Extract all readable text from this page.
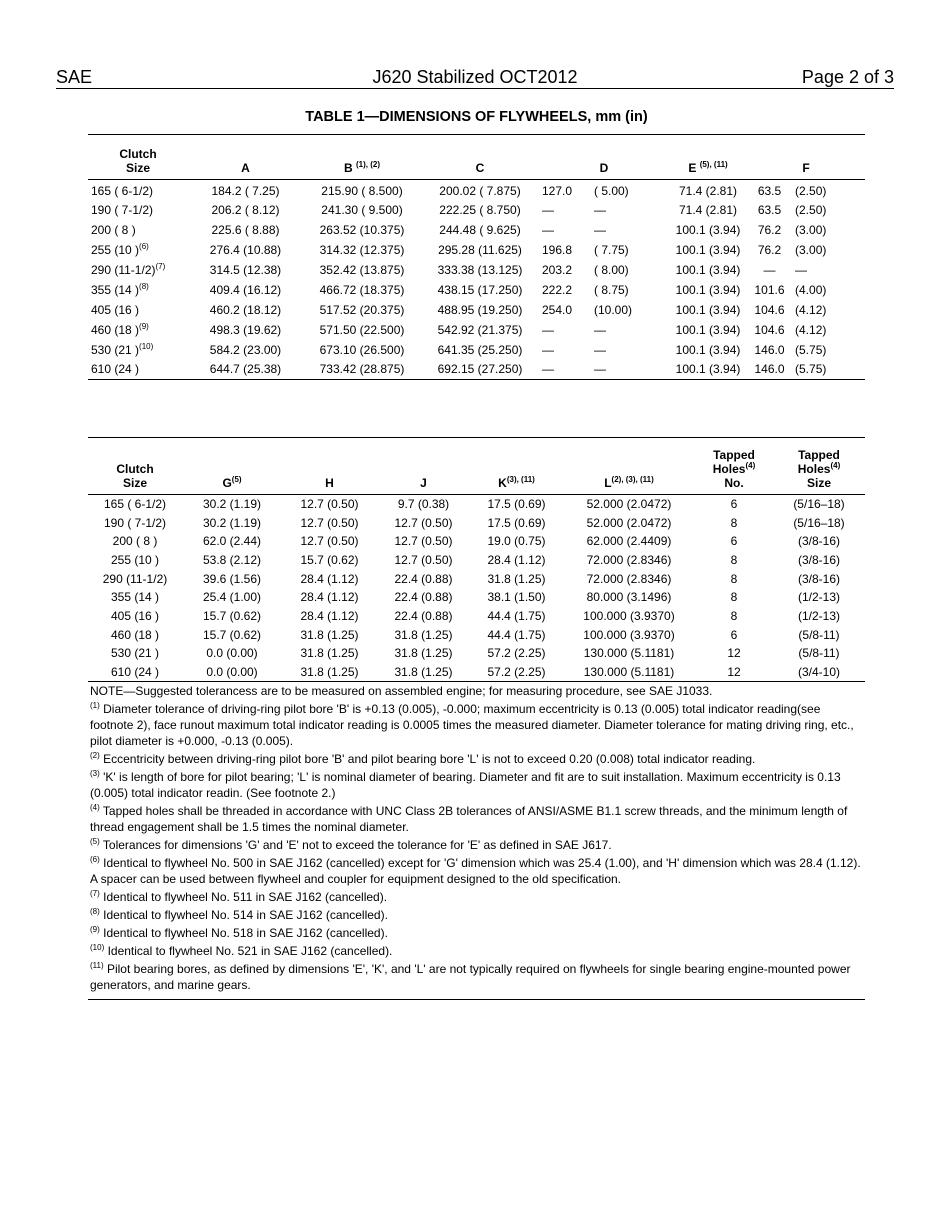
SAE	J620 Stabilized OCT2012	Page 2 of 3
TABLE 1—DIMENSIONS OF FLYWHEELS, mm (in)
Clutch
Size	A	B $^{(1), (2)}$	C	D		E $^{(5), (11)}$	F	
165 ( 6-1/2)	184.2 ( 7.25)	215.90 ( 8.500)	200.02 ( 7.875)	127.0	( 5.00)	71.4 (2.81)	63.5	(2.50)
190 ( 7-1/2)	206.2 ( 8.12)	241.30 ( 9.500)	222.25 ( 8.750)	—	—	71.4 (2.81)	63.5	(2.50)
200 ( 8 )	225.6 ( 8.88)	263.52 (10.375)	244.48 ( 9.625)	—	—	100.1 (3.94)	76.2	(3.00)
255 (10 )$^{(6)}$	276.4 (10.88)	314.32 (12.375)	295.28 (11.625)	196.8	( 7.75)	100.1 (3.94)	76.2	(3.00)
290 $(11-1/2)^{(7)}$	314.5 (12.38)	352.42 (13.875)	333.38 (13.125)	203.2	( 8.00)	100.1 (3.94)	—	—
355 (14 )$^{(8)}$	409.4 (16.12)	466.72 (18.375)	438.15 (17.250)	222.2	( 8.75)	100.1 (3.94)	101.6	(4.00)
405 (16 )	460.2 (18.12)	517.52 (20.375)	488.95 (19.250)	254.0	(10.00)	100.1 (3.94)	104.6	(4.12)
460 (18 )$^{(9)}$	498.3 (19.62)	571.50 (22.500)	542.92 (21.375)	—	—	100.1 (3.94)	104.6	(4.12)
530 (21 )$^{(10)}$	584.2 (23.00)	673.10 (26.500)	641.35 (25.250)	—	—	100.1 (3.94)	146.0	(5.75)
610 (24 )	644.7 (25.38)	733.42 (28.875)	692.15 (27.250)	—	—	100.1 (3.94)	146.0	(5.75)
Clutch
Size	$G^{(5)}$	H	J	$K^{(3), (11)}$	$L^{(2), (3), (11)}$	Tapped
Holes$^{(4)}$
No.	Tapped
Holes$^{(4)}$
Size
165 ( 6-1/2)	30.2 (1.19)	12.7 (0.50)	9.7 (0.38)	17.5 (0.69)	52.000 (2.0472)	6	(5/16–18)
190 ( 7-1/2)	30.2 (1.19)	12.7 (0.50)	12.7 (0.50)	17.5 (0.69)	52.000 (2.0472)	8	(5/16–18)
200 ( 8 )	62.0 (2.44)	12.7 (0.50)	12.7 (0.50)	19.0 (0.75)	62.000 (2.4409)	6	(3/8-16)
255 (10 )	53.8 (2.12)	15.7 (0.62)	12.7 (0.50)	28.4 (1.12)	72.000 (2.8346)	8	(3/8-16)
290 (11-1/2)	39.6 (1.56)	28.4 (1.12)	22.4 (0.88)	31.8 (1.25)	72.000 (2.8346)	8	(3/8-16)
355 (14 )	25.4 (1.00)	28.4 (1.12)	22.4 (0.88)	38.1 (1.50)	80.000 (3.1496)	8	(1/2-13)
405 (16 )	15.7 (0.62)	28.4 (1.12)	22.4 (0.88)	44.4 (1.75)	100.000 (3.9370)	8	(1/2-13)
460 (18 )	15.7 (0.62)	31.8 (1.25)	31.8 (1.25)	44.4 (1.75)	100.000 (3.9370)	6	(5/8-11)
530 (21 )	0.0 (0.00)	31.8 (1.25)	31.8 (1.25)	57.2 (2.25)	130.000 (5.1181)	12	(5/8-11)
610 (24 )	0.0 (0.00)	31.8 (1.25)	31.8 (1.25)	57.2 (2.25)	130.000 (5.1181)	12	(3/4-10)

NOTE—Suggested tolerancess are to be measured on assembled engine; for measuring procedure, see SAE J1033.

$^{(1)}$ Diameter tolerance of driving-ring pilot bore 'B' is +0.13 (0.005), -0.000; maximum eccentricity is 0.13 (0.005) total indicator reading(see footnote 2), face runout maximum total indicator reading is 0.0005 times the measured diameter. Diameter tolerance for mating driving ring, etc., pilot diameter is +0.000, -0.13 (0.005).

$^{(2)}$ Eccentricity between driving-ring pilot bore 'B' and pilot bearing bore 'L' is not to exceed 0.20 (0.008) total indicator reading.

$^{(3)}$ 'K' is length of bore for pilot bearing; 'L' is nominal diameter of bearing. Diameter and fit are to suit installation. Maximum eccentricity is 0.13 (0.005) total indicator readin. (See footnote 2.)

$^{(4)}$ Tapped holes shall be threaded in accordance with UNC Class 2B tolerances of ANSI/ASME B1.1 screw threads, and the minimum length of thread engagement shall be 1.5 times the nominal diameter.

$^{(5)}$ Tolerances for dimensions 'G' and 'E' not to exceed the tolerance for 'E' as defined in SAE J617.

$^{(6)}$ Identical to flywheel No. 500 in SAE J162 (cancelled) except for 'G' dimension which was 25.4 (1.00), and 'H' dimension which was 28.4 (1.12). A spacer can be used between flywheel and coupler for equipment designed to the old specification.

$^{(7)}$ Identical to flywheel No. 511 in SAE J162 (cancelled).

$^{(8)}$ Identical to flywheel No. 514 in SAE J162 (cancelled).

$^{(9)}$ Identical to flywheel No. 518 in SAE J162 (cancelled).

$^{(10)}$ Identical to flywheel No. 521 in SAE J162 (cancelled).

$^{(11)}$ Pilot bearing bores, as defined by dimensions 'E', 'K', and 'L' are not typically required on flywheels for single bearing engine-mounted power generators, and marine gears.
